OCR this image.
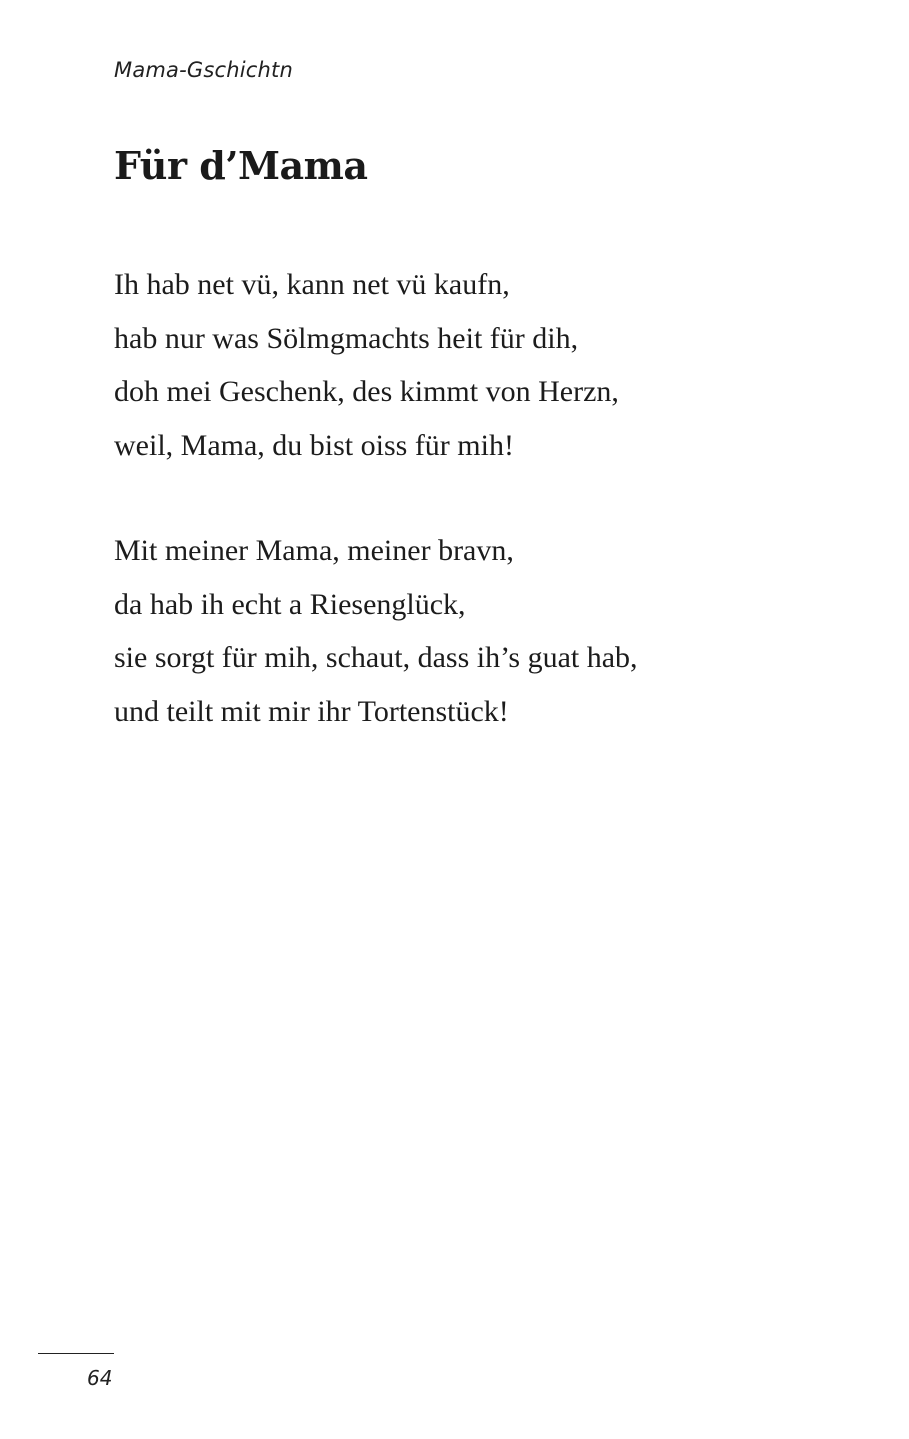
Mama-Gschichtn

Für d’Mama
Ih hab net vü, kann net vü kaufn,
hab nur was Sölmgmachts heit für dih,
doh mei Geschenk, des kimmt von Herzn,
weil, Mama, du bist oiss für mih!
Mit meiner Mama, meiner bravn,
da hab ih echt a Riesenglück,
sie sorgt für mih, schaut, dass ih’s guat hab,
und teilt mit mir ihr Tortenstück!

64
